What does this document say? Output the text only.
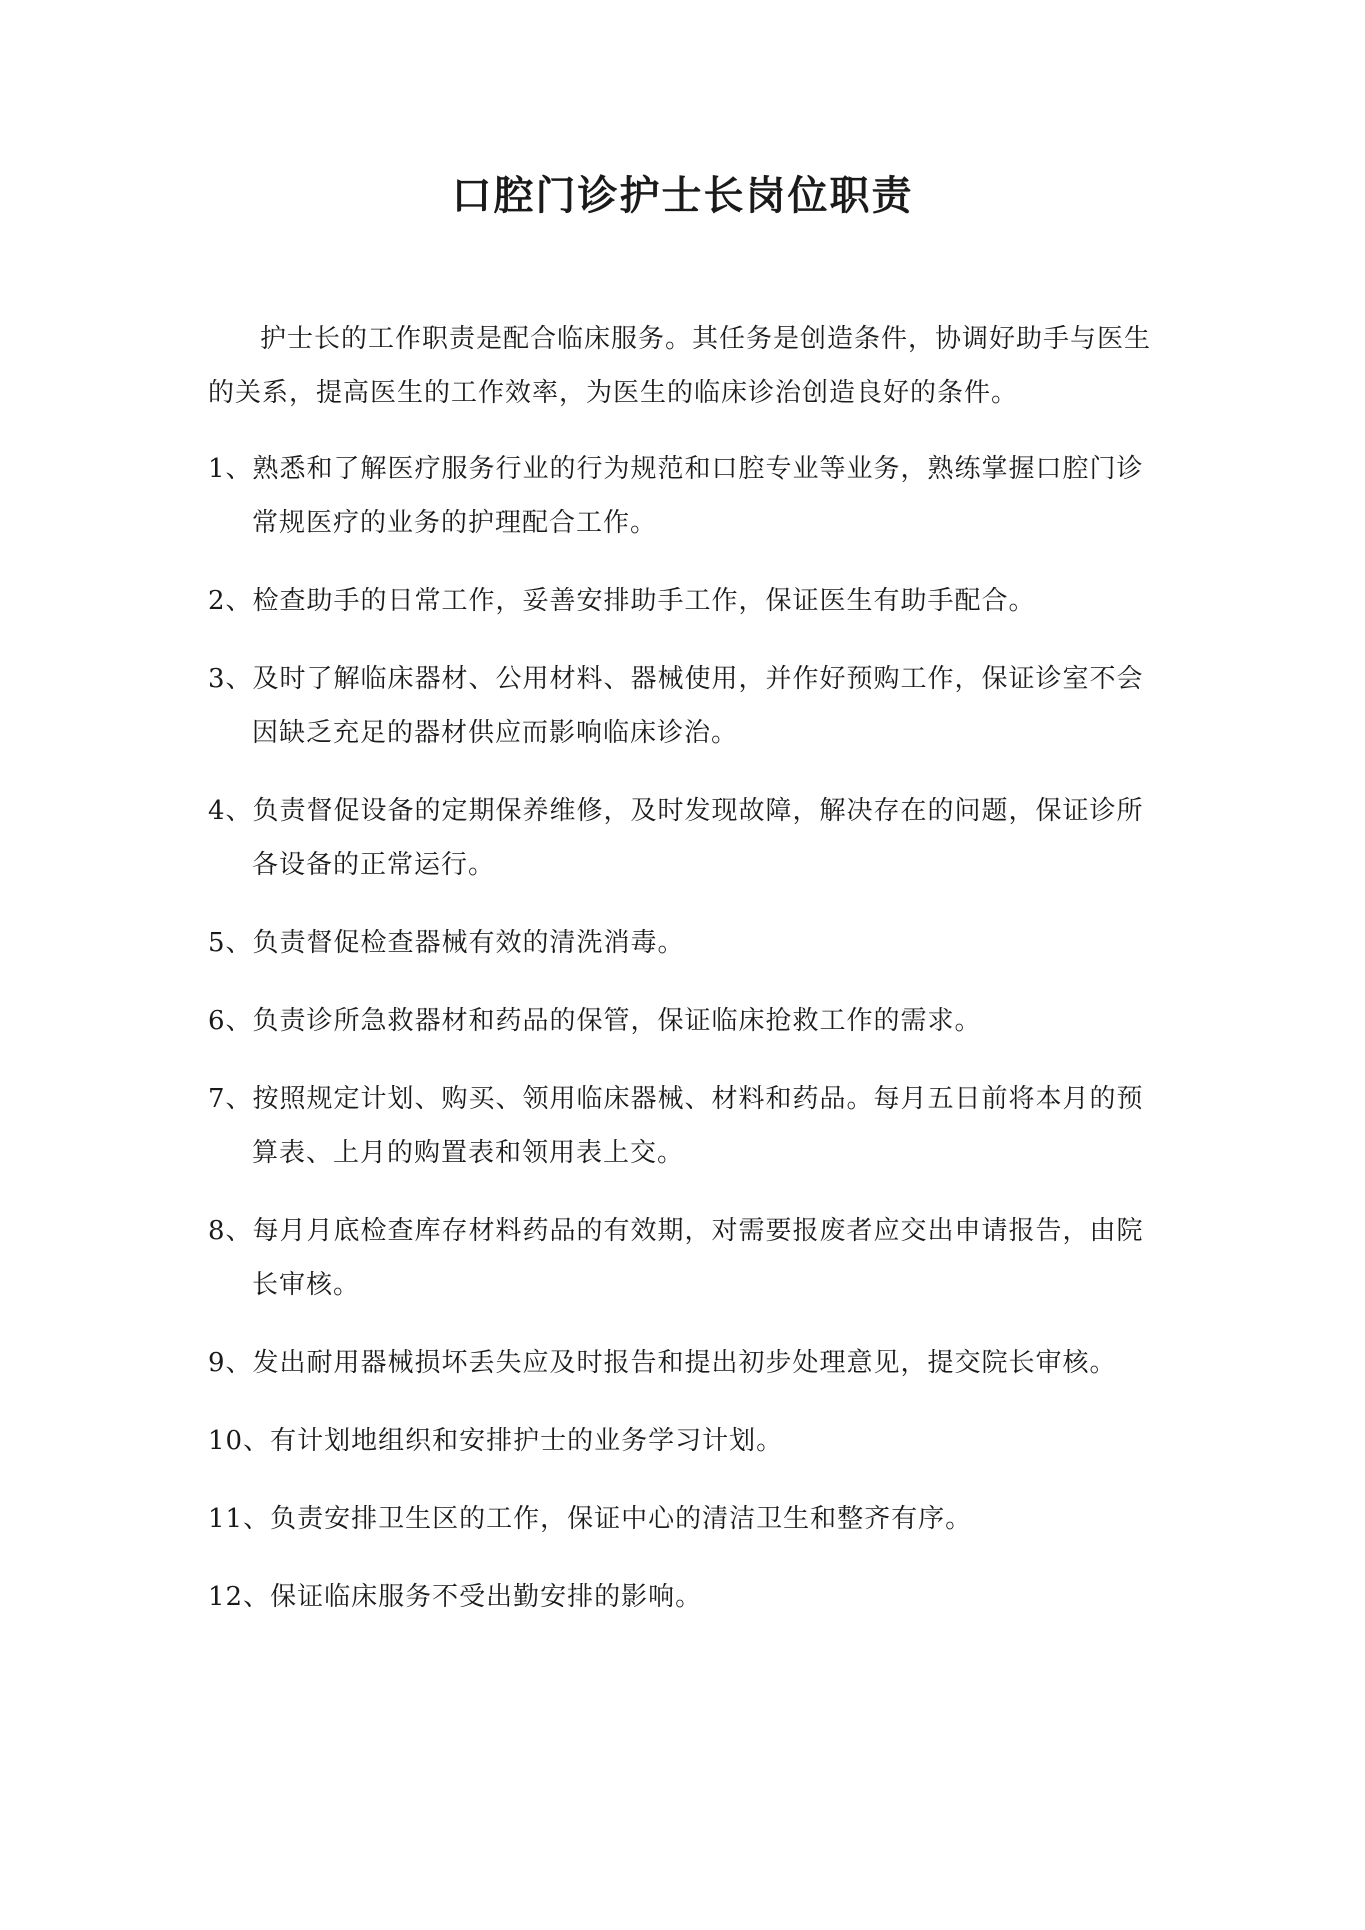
口腔门诊护士长岗位职责

护士长的工作职责是配合临床服务。其任务是创造条件，协调好助手与医生的关系，提高医生的工作效率，为医生的临床诊治创造良好的条件。

1、熟悉和了解医疗服务行业的行为规范和口腔专业等业务，熟练掌握口腔门诊常规医疗的业务的护理配合工作。
2、检查助手的日常工作，妥善安排助手工作，保证医生有助手配合。
3、及时了解临床器材、公用材料、器械使用，并作好预购工作，保证诊室不会因缺乏充足的器材供应而影响临床诊治。
4、负责督促设备的定期保养维修，及时发现故障，解决存在的问题，保证诊所各设备的正常运行。
5、负责督促检查器械有效的清洗消毒。
6、负责诊所急救器材和药品的保管，保证临床抢救工作的需求。
7、按照规定计划、购买、领用临床器械、材料和药品。每月五日前将本月的预算表、上月的购置表和领用表上交。
8、每月月底检查库存材料药品的有效期，对需要报废者应交出申请报告，由院长审核。
9、发出耐用器械损坏丢失应及时报告和提出初步处理意见，提交院长审核。
10、有计划地组织和安排护士的业务学习计划。
11、负责安排卫生区的工作，保证中心的清洁卫生和整齐有序。
12、保证临床服务不受出勤安排的影响。
